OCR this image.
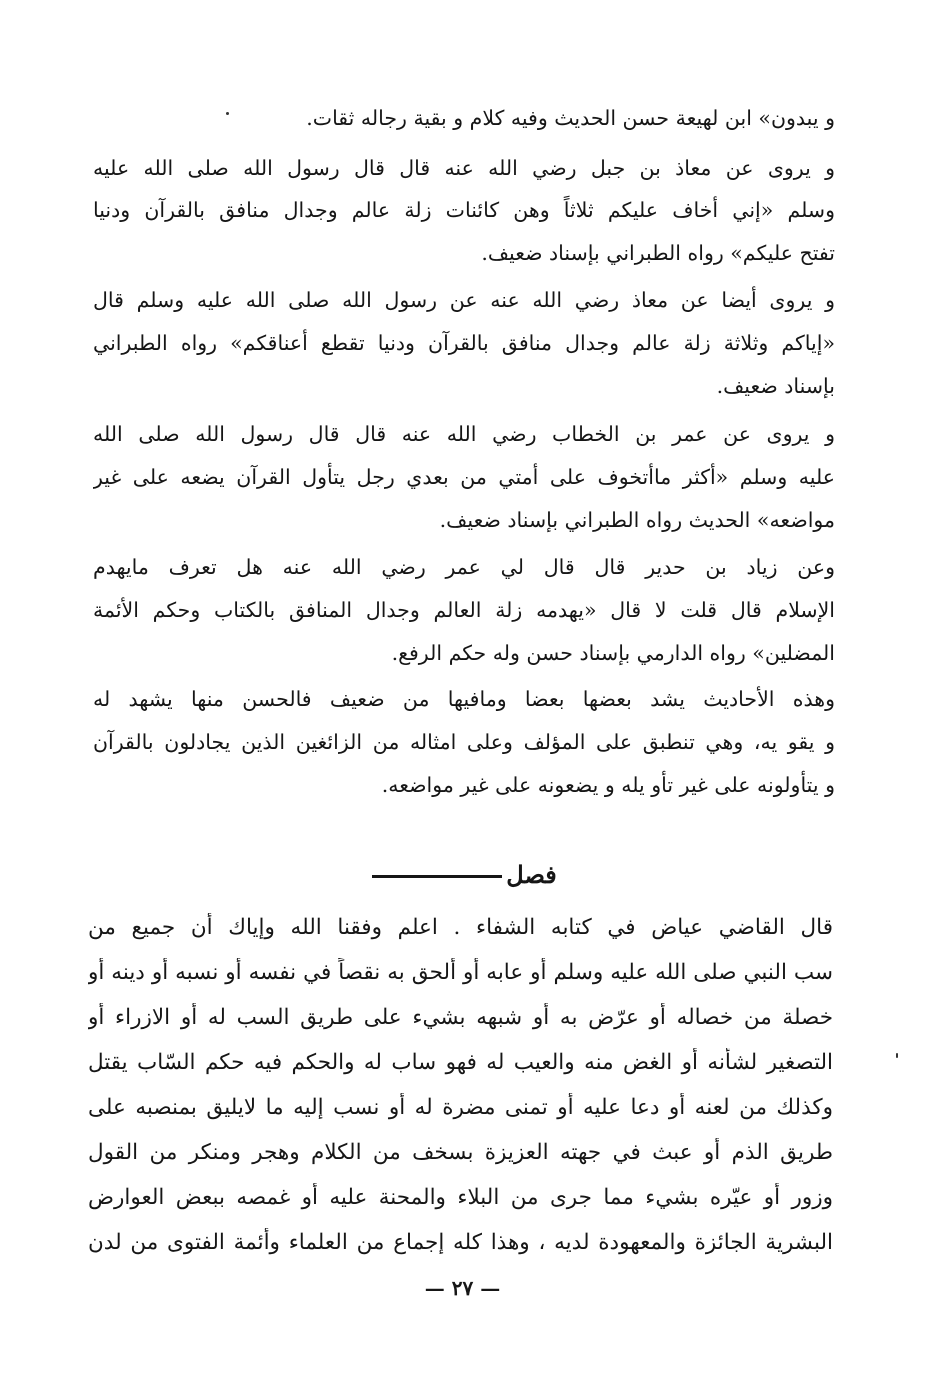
و يبدون» ابن لهيعة حسن الحديث وفيه كلام و بقية رجاله ثقات.
و يروى عن معاذ بن جبل رضي الله عنه قال قال رسول الله صلى الله عليه
وسلم «إني أخاف عليكم ثلاثاً وهن كائنات زلة عالم وجدال منافق بالقرآن ودنيا
تفتح عليكم» رواه الطبراني بإسناد ضعيف.
و يروى أيضا عن معاذ رضي الله عنه عن رسول الله صلى الله عليه وسلم قال
«إياكم وثلاثة زلة عالم وجدال منافق بالقرآن ودنيا تقطع أعناقكم» رواه الطبراني
بإسناد ضعيف.
و يروى عن عمر بن الخطاب رضي الله عنه قال قال رسول الله صلى الله
عليه وسلم «أكثر ماأتخوف على أمتي من بعدي رجل يتأول القرآن يضعه على غير
مواضعه» الحديث رواه الطبراني بإسناد ضعيف.
وعن زياد بن حدير قال قال لي عمر رضي الله عنه هل تعرف مايهدم
الإسلام قال قلت لا قال «يهدمه زلة العالم وجدال المنافق بالكتاب وحكم الأئمة
المضلين» رواه الدارمي بإسناد حسن وله حكم الرفع.
وهذه الأحاديث يشد بعضها بعضا ومافيها من ضعيف فالحسن منها يشهد له
و يقو يه، وهي تنطبق على المؤلف وعلى امثاله من الزائغين الذين يجادلون بالقرآن
و يتأولونه على غير تأو يله و يضعونه على غير مواضعه.
فصل
قال القاضي عياض في كتابه الشفاء . اعلم وفقنا الله وإياك أن جميع من
سب النبي صلى الله عليه وسلم أو عابه أو ألحق به نقصاً في نفسه أو نسبه أو دينه أو
خصلة من خصاله أو عرّض به أو شبهه بشيء على طريق السب له أو الازراء أو
التصغير لشأنه أو الغض منه والعيب له فهو ساب له والحكم فيه حكم السّاب يقتل
وكذلك من لعنه أو دعا عليه أو تمنى مضرة له أو نسب إليه ما لايليق بمنصبه على
طريق الذم أو عبث في جهته العزيزة بسخف من الكلام وهجر ومنكر من القول
وزور أو عيّره بشيء مما جرى من البلاء والمحنة عليه أو غمصه ببعض العوارض
البشرية الجائزة والمعهودة لديه ، وهذا كله إجماع من العلماء وأئمة الفتوى من لدن
— ٢٧ —
